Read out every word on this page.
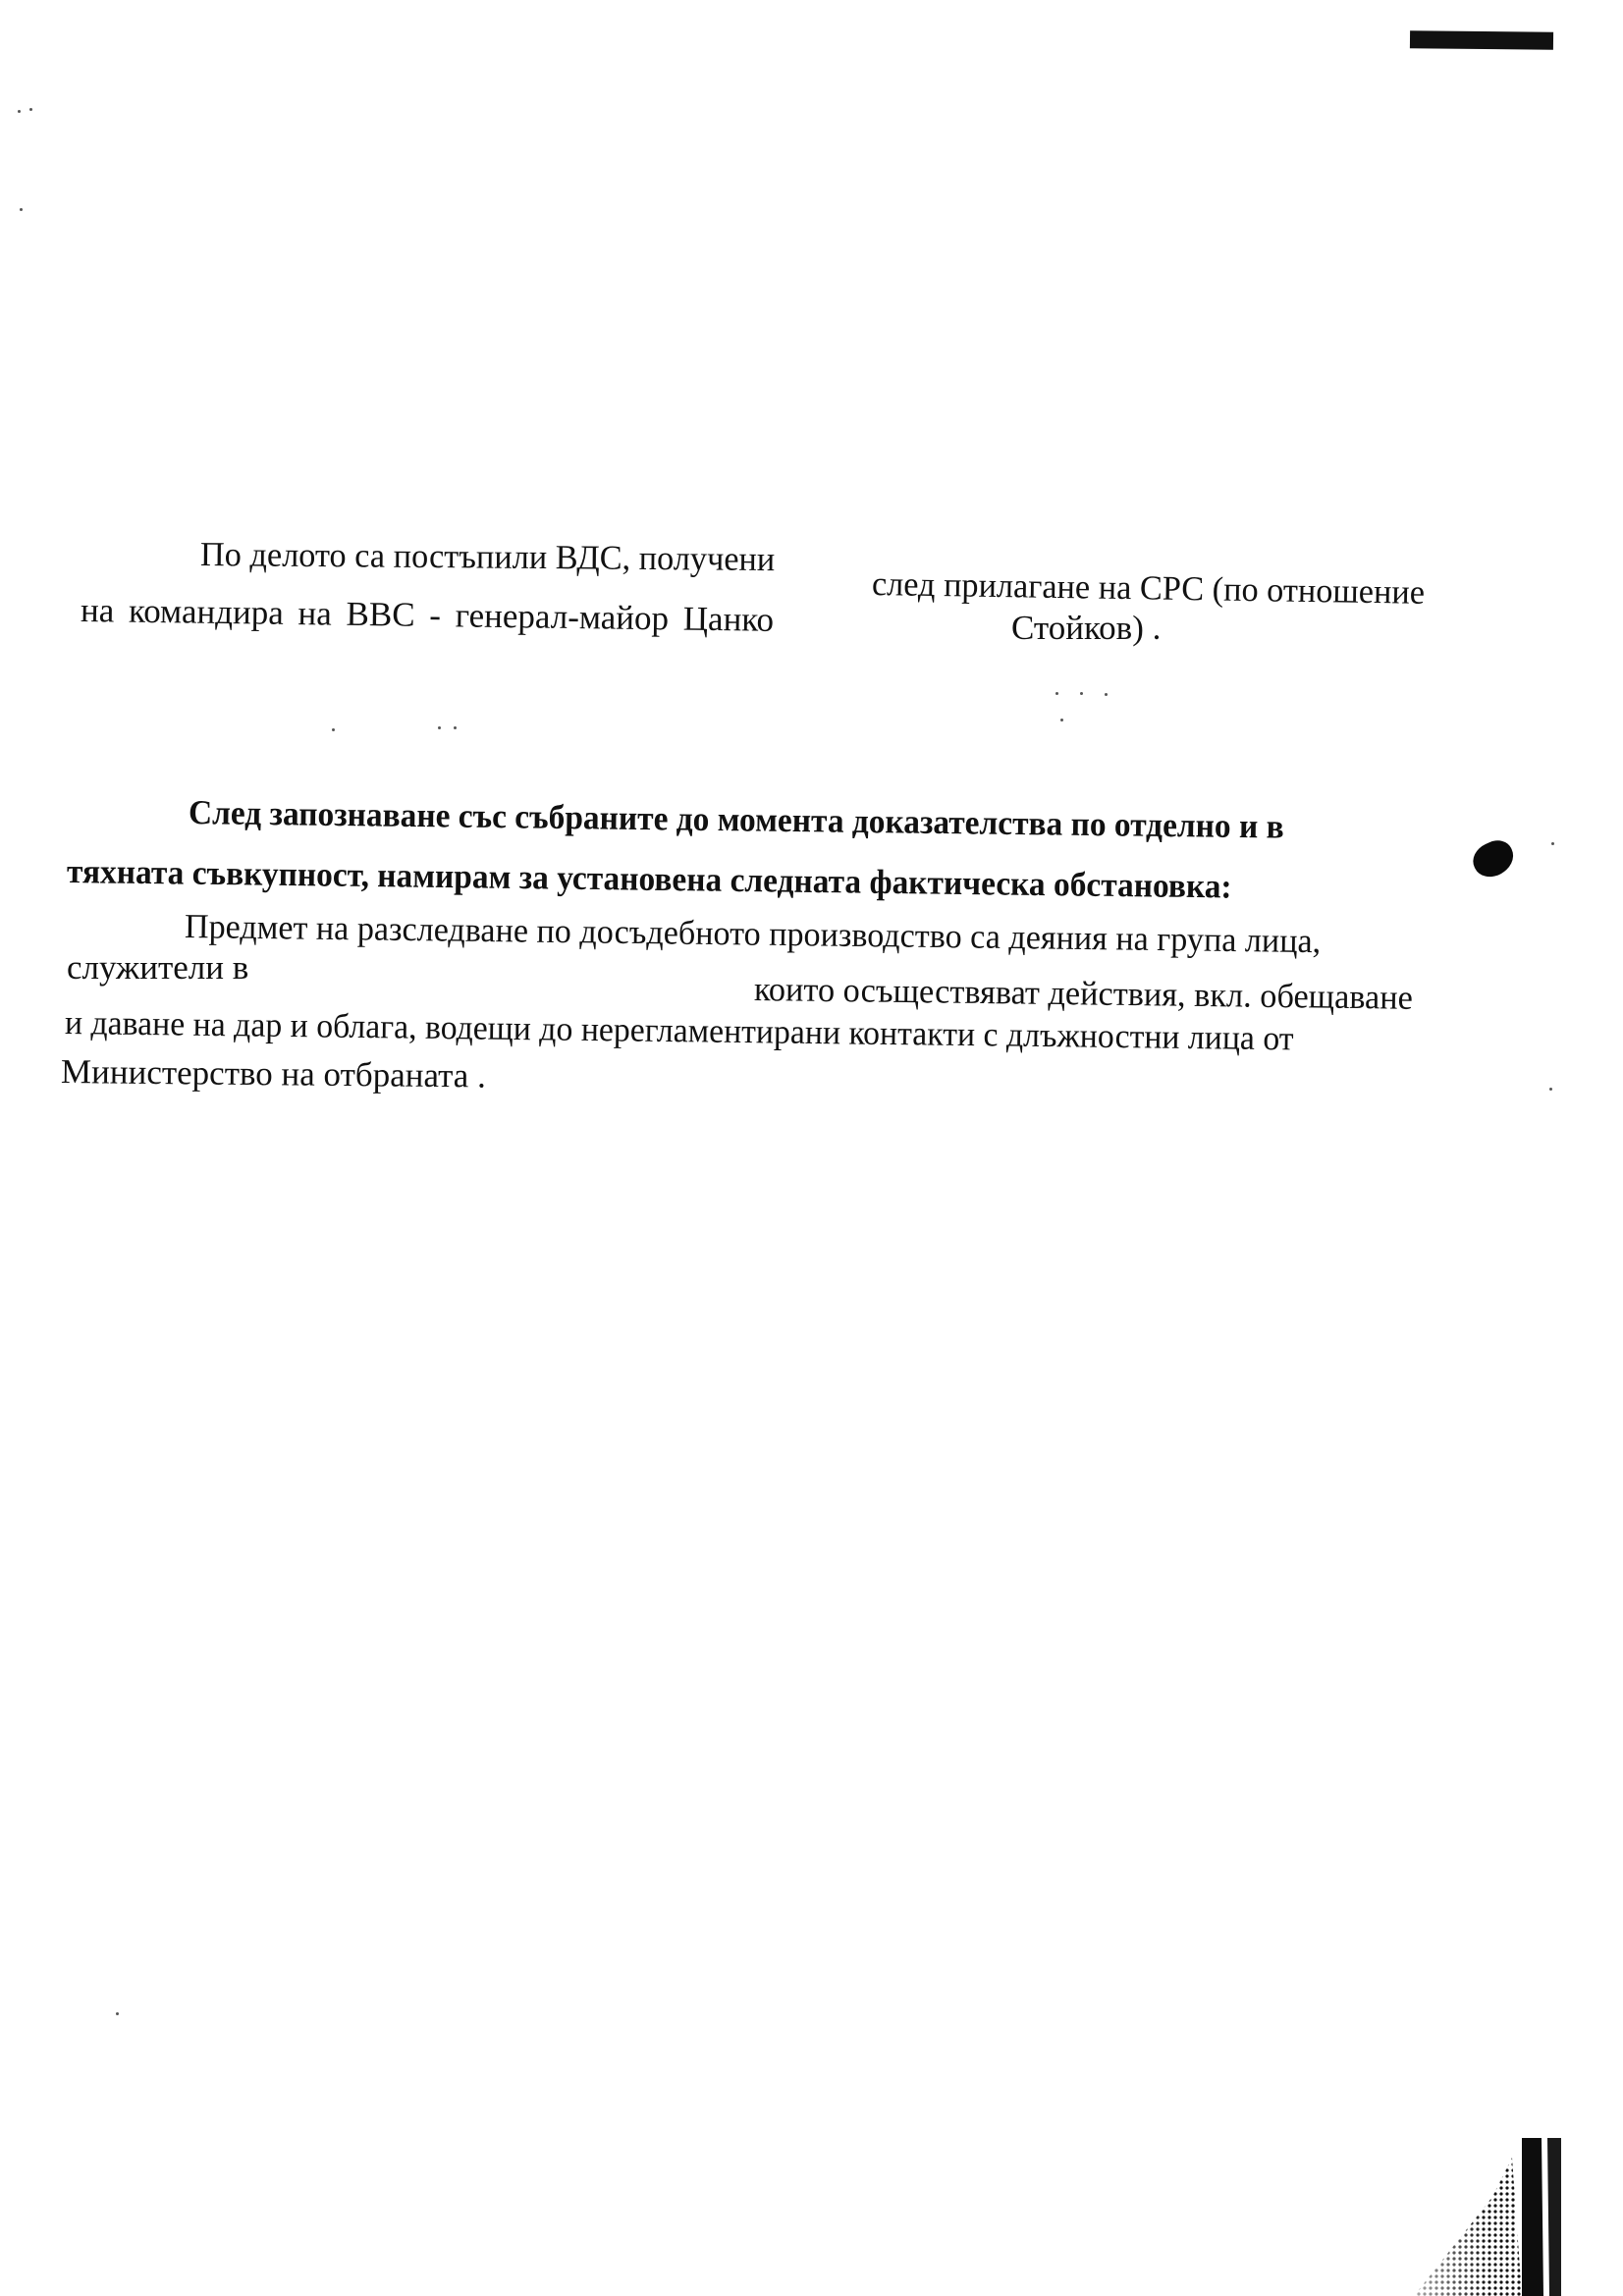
По делото са постъпили ВДС, получени
след прилагане на СРС (по отношение
на командира на ВВС - генерал-майор Цанко	Стойков) .
След запознаване със събраните до момента доказателства по отделно и в
тяхната съвкупност, намирам за установена следната фактическа обстановка:
Предмет на разследване по досъдебното производство са деяния на група лица,
служители в
които осъществяват действия, вкл. обещаване
и даване на дар и облага, водещи до нерегламентирани контакти с длъжностни лица от
Министерство на отбраната .
